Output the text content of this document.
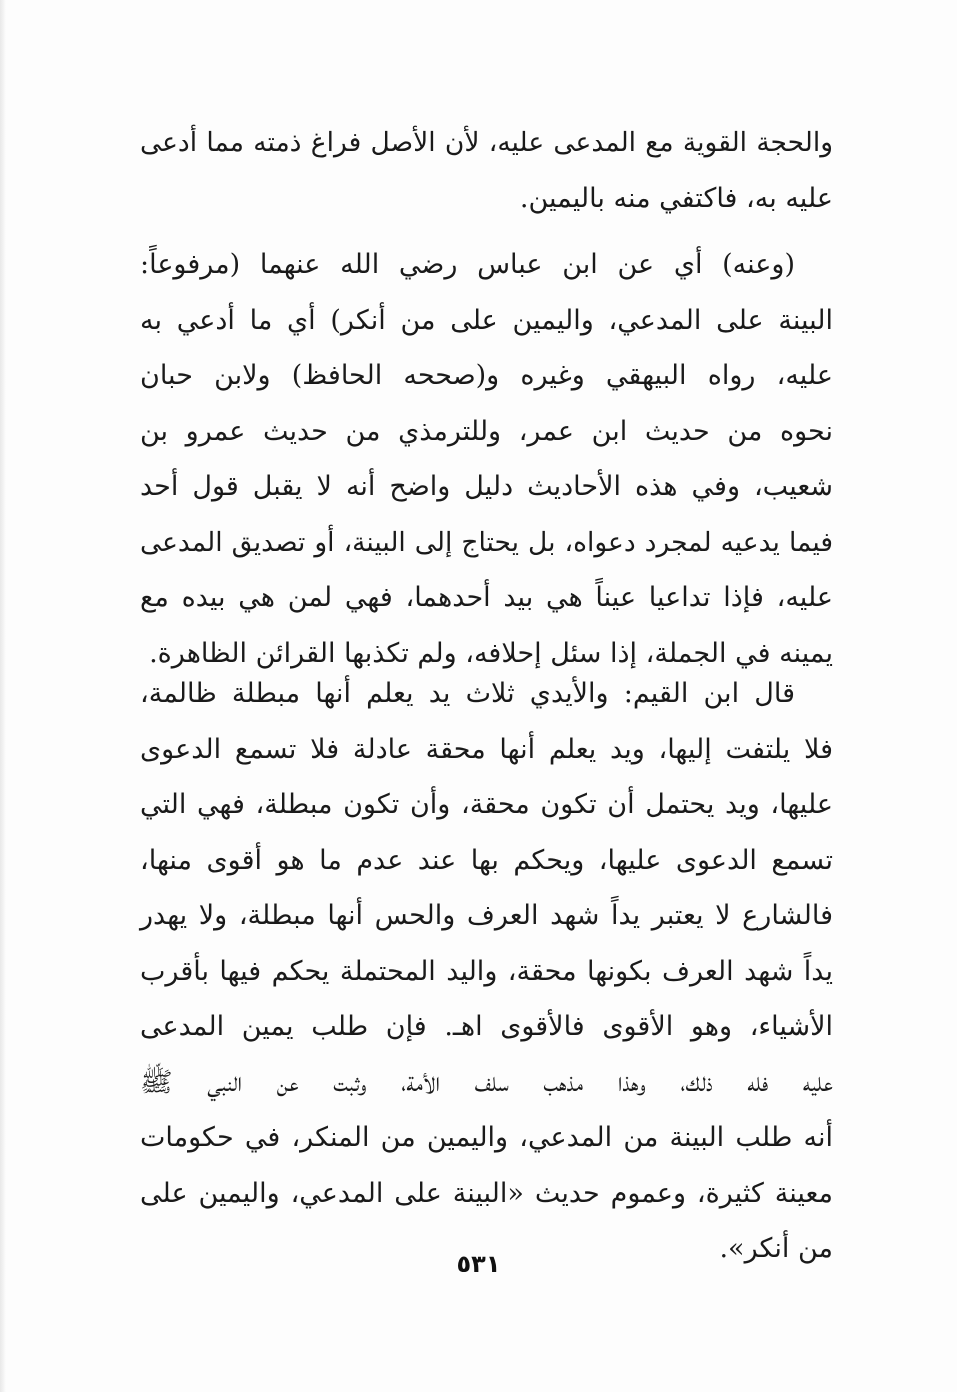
والحجة القوية مع المدعى عليه، لأن الأصل فراغ ذمته مما أدعى
عليه به، فاكتفي منه باليمين.
(وعنه) أي عن ابن عباس رضي الله عنهما (مرفوعاً:
البينة على المدعي، واليمين على من أنكر) أي ما أدعي به
عليه، رواه البيهقي وغيره و(صححه الحافظ) ولابن حبان
نحوه من حديث ابن عمر، وللترمذي من حديث عمرو بن
شعيب، وفي هذه الأحاديث دليل واضح أنه لا يقبل قول أحد
فيما يدعيه لمجرد دعواه، بل يحتاج إلى البينة، أو تصديق المدعى
عليه، فإذا تداعيا عيناً هي بيد أحدهما، فهي لمن هي بيده مع
يمينه في الجملة، إذا سئل إحلافه، ولم تكذبها القرائن الظاهرة.
قال ابن القيم: والأيدي ثلاث يد يعلم أنها مبطلة ظالمة،
فلا يلتفت إليها، ويد يعلم أنها محقة عادلة فلا تسمع الدعوى
عليها، ويد يحتمل أن تكون محقة، وأن تكون مبطلة، فهي التي
تسمع الدعوى عليها، ويحكم بها عند عدم ما هو أقوى منها،
فالشارع لا يعتبر يداً شهد العرف والحس أنها مبطلة، ولا يهدر
يداً شهد العرف بكونها محقة، واليد المحتملة يحكم فيها بأقرب
الأشياء، وهو الأقوى فالأقوى اهـ. فإن طلب يمين المدعى
عليه فله ذلك، وهذا مذهب سلف الأمة، وثبت عن النبي ﷺ
أنه طلب البينة من المدعي، واليمين من المنكر، في حكومات
معينة كثيرة، وعموم حديث «البينة على المدعي، واليمين على
من أنكر».
٥٣١
